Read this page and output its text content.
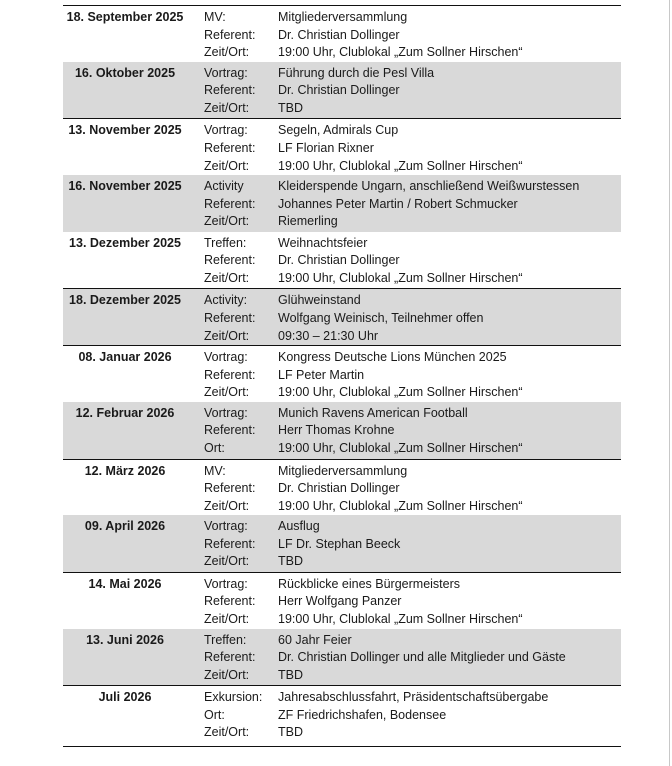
18. September 2025 MV:	Mitgliederversammlung
Referent: Dr. Christian Dollinger
Zeit/Ort: 19:00 Uhr, Clublokal „Zum Sollner Hirschen“
16. Oktober 2025	Vortrag: Führung durch die Pesl Villa
Referent: Dr. Christian Dollinger
Zeit/Ort: TBD
13. November 2025	Vortrag: Segeln, Admirals Cup
Referent: LF Florian Rixner
Zeit/Ort: 19:00 Uhr, Clublokal „Zum Sollner Hirschen“
16. November 2025	Activity	Kleiderspende Ungarn, anschließend Weißwurstessen
Referent: Johannes Peter Martin / Robert Schmucker
Zeit/Ort: Riemerling
13. Dezember 2025	Treffen:	Weihnachtsfeier
Referent: Dr. Christian Dollinger
Zeit/Ort: 19:00 Uhr, Clublokal „Zum Sollner Hirschen“
18. Dezember 2025	Activity: Glühweinstand
Referent: Wolfgang Weinisch, Teilnehmer offen
Zeit/Ort: 09:30 – 21:30 Uhr
08. Januar 2026	Vortrag: Kongress Deutsche Lions München 2025
Referent: LF Peter Martin
Zeit/Ort: 19:00 Uhr, Clublokal „Zum Sollner Hirschen“
12. Februar 2026	Vortrag: Munich Ravens American Football
Referent: Herr Thomas Krohne
Ort:	19:00 Uhr, Clublokal „Zum Sollner Hirschen“
12. März 2026	MV:	Mitgliederversammlung
Referent: Dr. Christian Dollinger
Zeit/Ort: 19:00 Uhr, Clublokal „Zum Sollner Hirschen“
09. April 2026	Vortrag: Ausflug
Referent: LF Dr. Stephan Beeck
Zeit/Ort: TBD
14. Mai 2026	Vortrag: Rückblicke eines Bürgermeisters
Referent: Herr Wolfgang Panzer
Zeit/Ort: 19:00 Uhr, Clublokal „Zum Sollner Hirschen“
13. Juni 2026	Treffen:	60 Jahr Feier
Referent: Dr. Christian Dollinger und alle Mitglieder und Gäste
Zeit/Ort: TBD
Juli 2026	Exkursion: Jahresabschlussfahrt, Präsidentschaftsübergabe
Ort:	ZF Friedrichshafen, Bodensee
Zeit/Ort: TBD
